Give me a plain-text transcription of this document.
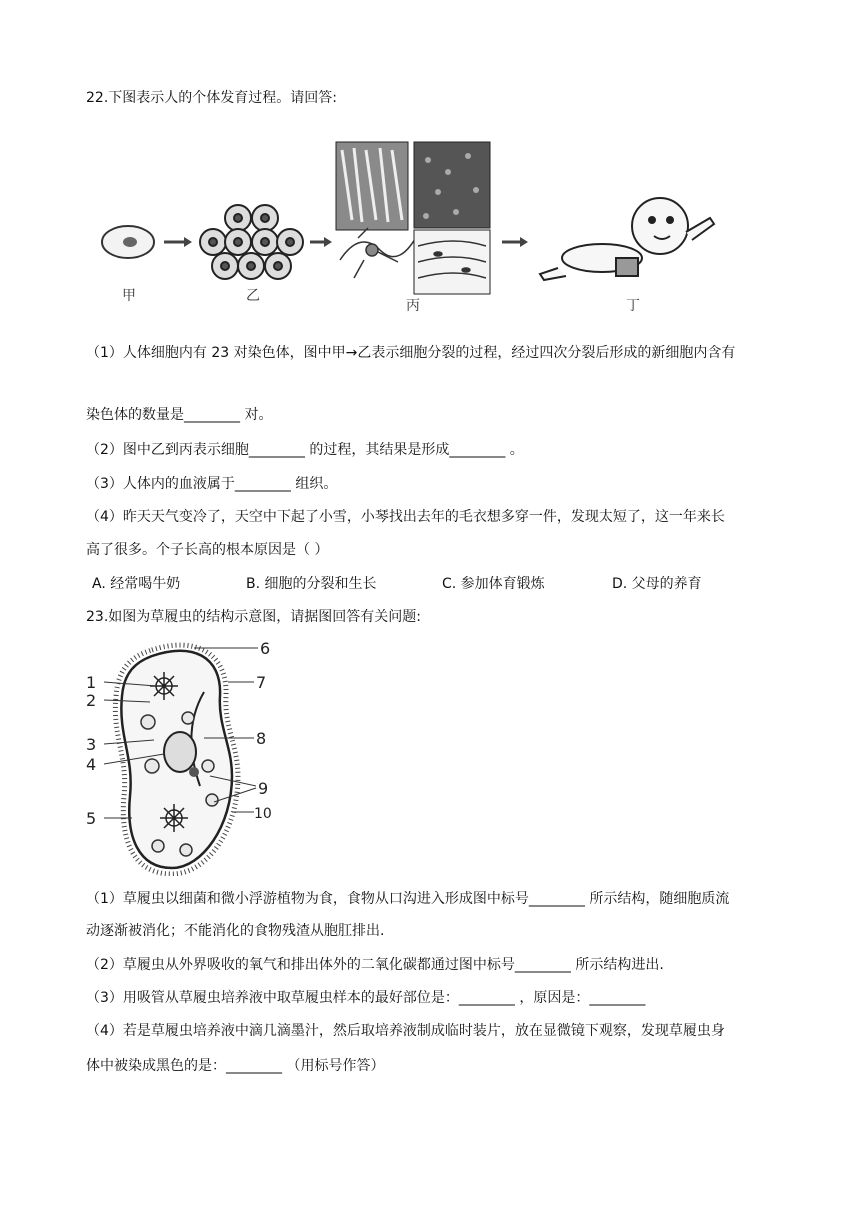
22.下图表示人的个体发育过程。请回答:
甲	乙
丙	丁
（1）人体细胞内有 23 对染色体，图中甲→乙表示细胞分裂的过程，经过四次分裂后形成的新细胞内含有
染色体的数量是________ 对。
（2）图中乙到丙表示细胞________ 的过程，其结果是形成________ 。
（3）人体内的血液属于________ 组织。
（4）昨天天气变冷了，天空中下起了小雪，小琴找出去年的毛衣想多穿一件，发现太短了，这一年来长
高了很多。个子长高的根本原因是（ ）
A. 经常喝牛奶	B. 细胞的分裂和生长	C. 参加体育锻炼	D. 父母的养育
23.如图为草履虫的结构示意图，请据图回答有关问题:
1
2
3
4
5
6
7
8
9
10
（1）草履虫以细菌和微小浮游植物为食，食物从口沟进入形成图中标号________ 所示结构，随细胞质流
动逐渐被消化；不能消化的食物残渣从胞肛排出.
（2）草履虫从外界吸收的氧气和排出体外的二氧化碳都通过图中标号________ 所示结构进出.
（3）用吸管从草履虫培养液中取草履虫样本的最好部位是：________ ，原因是：________
（4）若是草履虫培养液中滴几滴墨汁，然后取培养液制成临时装片，放在显微镜下观察，发现草履虫身
体中被染成黑色的是：________ （用标号作答）
